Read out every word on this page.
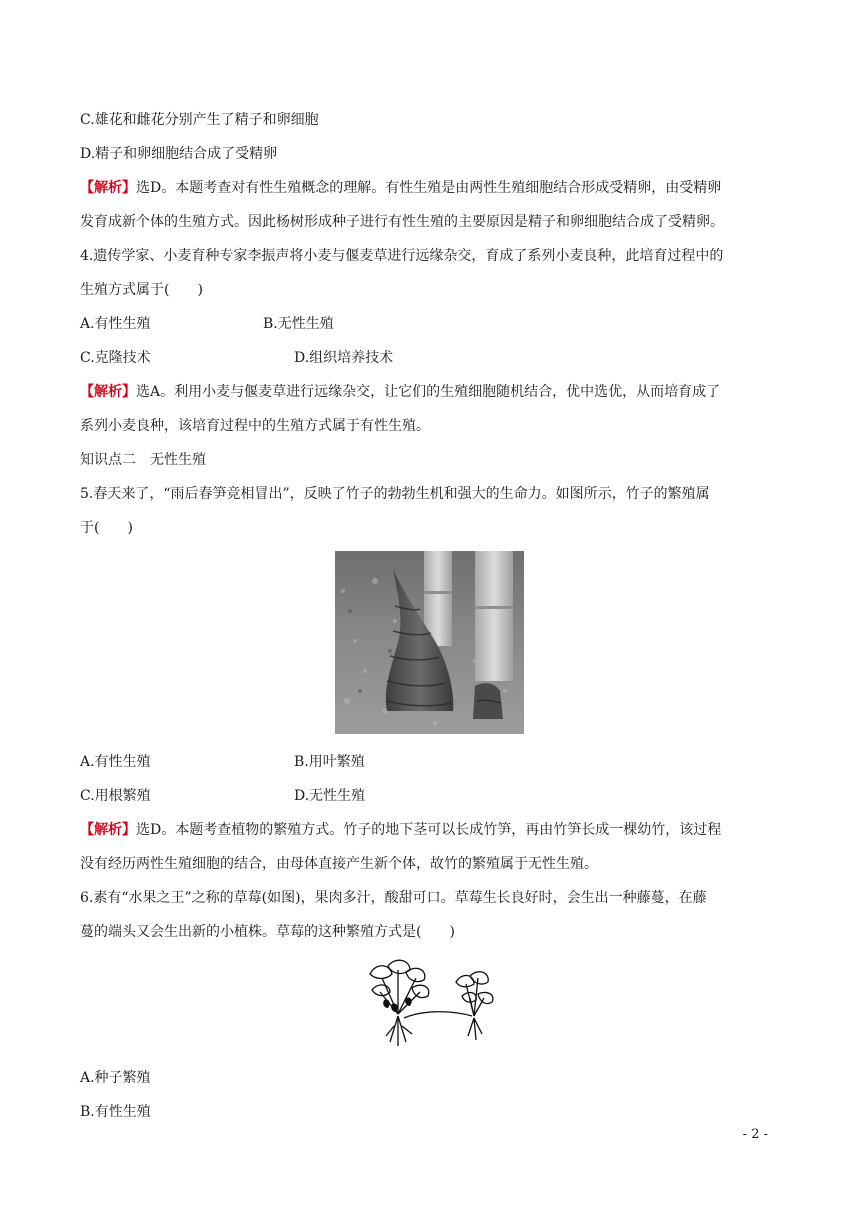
C.雄花和雌花分别产生了精子和卵细胞
D.精子和卵细胞结合成了受精卵
【解析】选D。本题考查对有性生殖概念的理解。有性生殖是由两性生殖细胞结合形成受精卵，由受精卵
发育成新个体的生殖方式。因此杨树形成种子进行有性生殖的主要原因是精子和卵细胞结合成了受精卵。
4.遗传学家、小麦育种专家李振声将小麦与偃麦草进行远缘杂交，育成了系列小麦良种，此培育过程中的
生殖方式属于(　　)
A.有性生殖	B.无性生殖
C.克隆技术	D.组织培养技术
【解析】选A。利用小麦与偃麦草进行远缘杂交，让它们的生殖细胞随机结合，优中选优，从而培育成了
系列小麦良种，该培育过程中的生殖方式属于有性生殖。
知识点二　无性生殖
5.春天来了，“雨后春笋竞相冒出”，反映了竹子的勃勃生机和强大的生命力。如图所示，竹子的繁殖属
于(　　)
A.有性生殖	B.用叶繁殖
C.用根繁殖	D.无性生殖
【解析】选D。本题考查植物的繁殖方式。竹子的地下茎可以长成竹笋，再由竹笋长成一棵幼竹，该过程
没有经历两性生殖细胞的结合，由母体直接产生新个体，故竹的繁殖属于无性生殖。
6.素有“水果之王”之称的草莓(如图)，果肉多汁，酸甜可口。草莓生长良好时，会生出一种藤蔓，在藤
蔓的端头又会生出新的小植株。草莓的这种繁殖方式是(　　)
A.种子繁殖
B.有性生殖
- 2 -
